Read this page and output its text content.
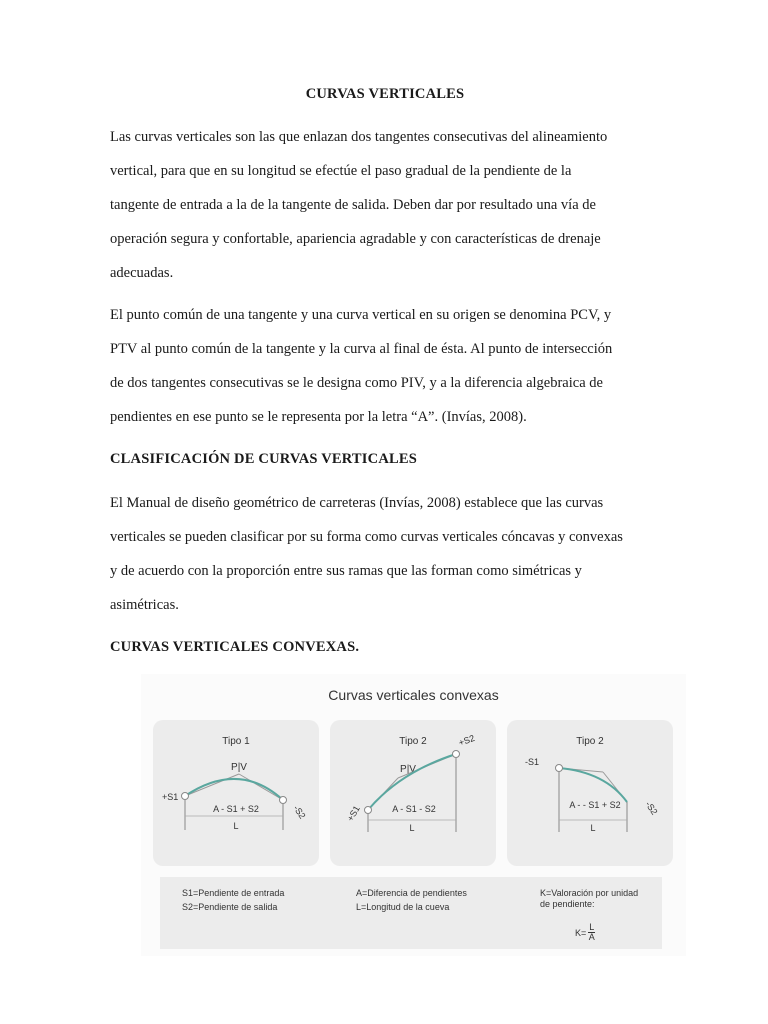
CURVAS VERTICALES
Las curvas verticales son las que enlazan dos tangentes consecutivas del alineamiento
vertical, para que en su longitud se efectúe el paso gradual de la pendiente de la
tangente de entrada a la de la tangente de salida. Deben dar por resultado una vía de
operación segura y confortable, apariencia agradable y con características de drenaje
adecuadas.
El punto común de una tangente y una curva vertical en su origen se denomina PCV, y
PTV al punto común de la tangente y la curva al final de ésta. Al punto de intersección
de dos tangentes consecutivas se le designa como PIV, y a la diferencia algebraica de
pendientes en ese punto se le representa por la letra “A”. (Invías, 2008).
CLASIFICACIÓN DE CURVAS VERTICALES
El Manual de diseño geométrico de carreteras (Invías, 2008) establece que las curvas
verticales se pueden clasificar por su forma como curvas verticales cóncavas y convexas
y de acuerdo con la proporción entre sus ramas que las forman como simétricas y
asimétricas.
CURVAS VERTICALES CONVEXAS.
Curvas verticales convexas
Tipo 1
P|V
A - S1 + S2
L
+S1
-S2
Tipo 2
P|V
A - S1 - S2
L
+S1
+S2	Tipo 2
A - - S1 + S2
L
-S1
-S2
S1=Pendiente de entrada
S2=Pendiente de salida
A=Diferencia de pendientes
L=Longitud de la cueva
K=Valoración por unidad
de pendiente:
$K= \frac{L}{A}$
